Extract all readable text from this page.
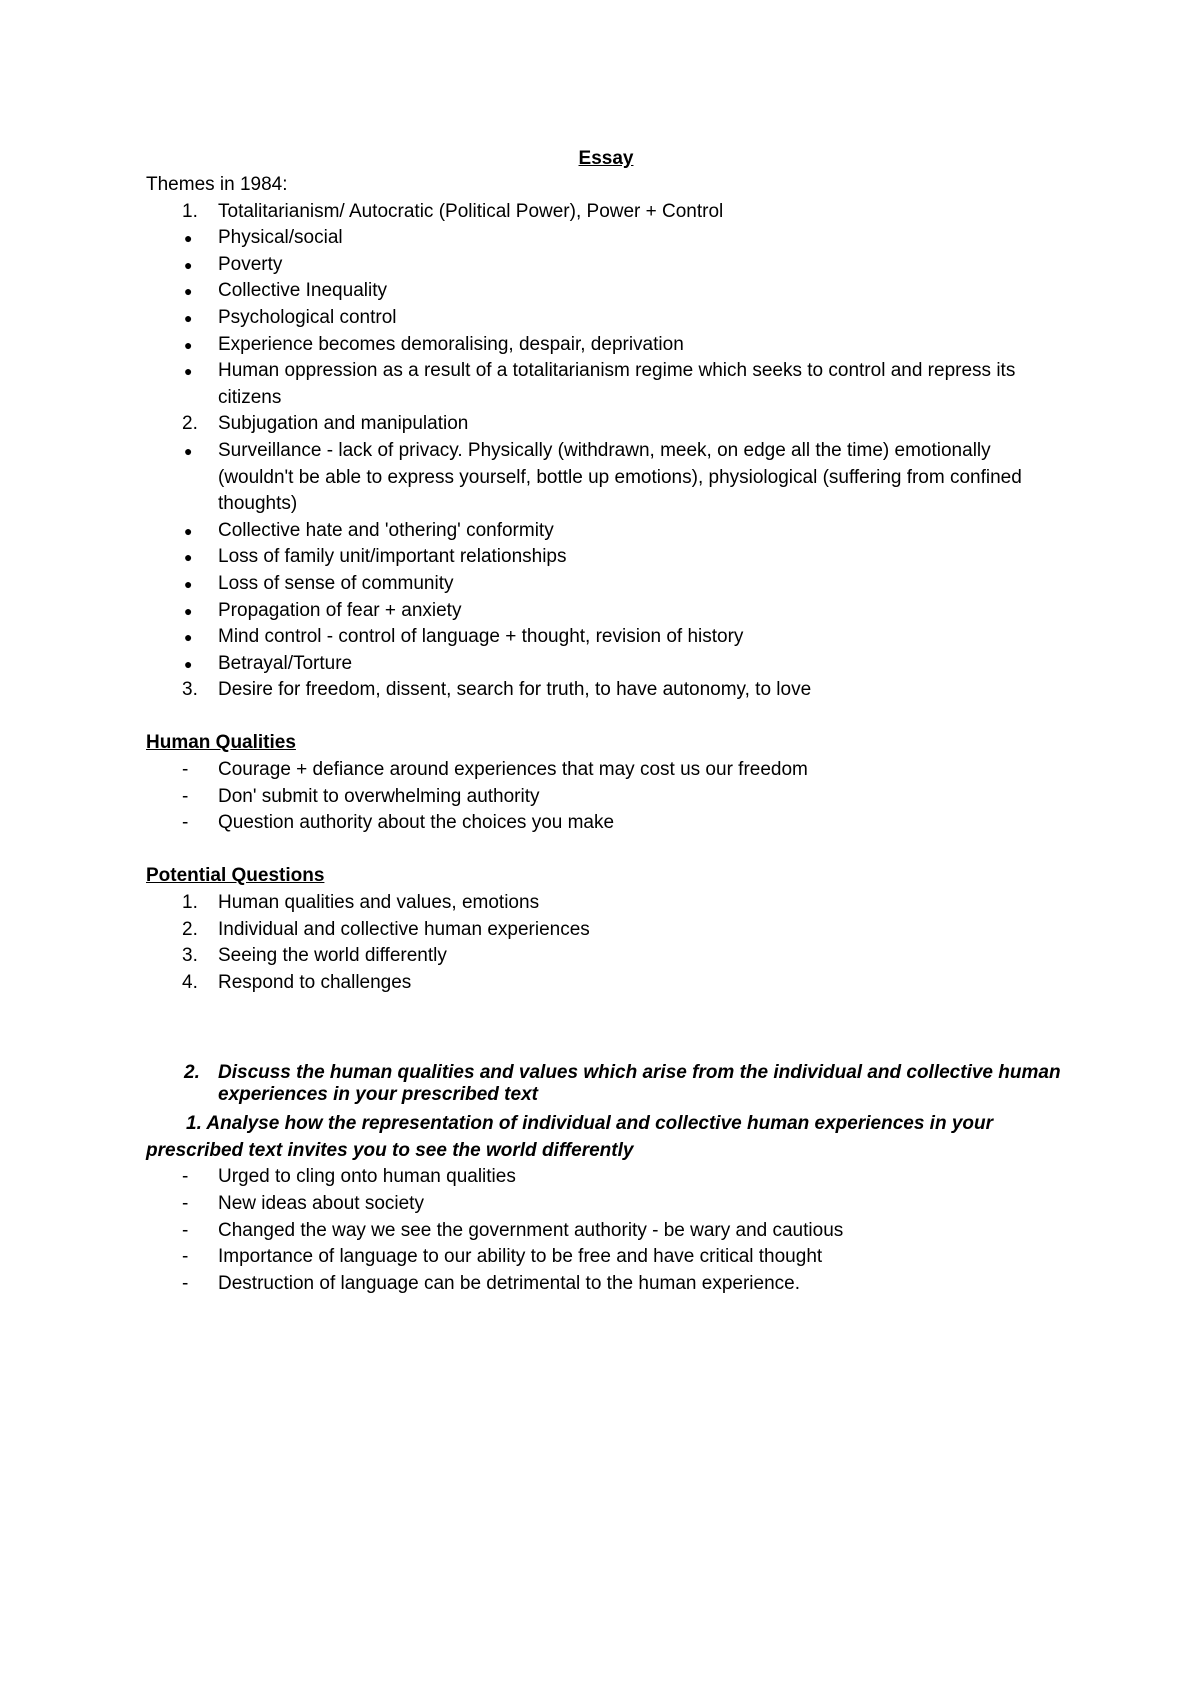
Essay
Themes in 1984:
1. Totalitarianism/ Autocratic (Political Power), Power + Control
● Physical/social
● Poverty
● Collective Inequality
● Psychological control
● Experience becomes demoralising, despair, deprivation
● Human oppression as a result of a totalitarianism regime which seeks to control and repress its citizens
2. Subjugation and manipulation
● Surveillance - lack of privacy. Physically (withdrawn, meek, on edge all the time) emotionally (wouldn't be able to express yourself, bottle up emotions), physiological (suffering from confined thoughts)
● Collective hate and 'othering' conformity
● Loss of family unit/important relationships
● Loss of sense of community
● Propagation of fear + anxiety
● Mind control - control of language + thought, revision of history
● Betrayal/Torture
3. Desire for freedom, dissent, search for truth, to have autonomy, to love
Human Qualities
- Courage + defiance around experiences that may cost us our freedom
- Don' submit to overwhelming authority
- Question authority about the choices you make
Potential Questions
1. Human qualities and values, emotions
2. Individual and collective human experiences
3. Seeing the world differently
4. Respond to challenges
2. Discuss the human qualities and values which arise from the individual and collective human experiences in your prescribed text
1. Analyse how the representation of individual and collective human experiences in your prescribed text invites you to see the world differently
- Urged to cling onto human qualities
- New ideas about society
- Changed the way we see the government authority - be wary and cautious
- Importance of language to our ability to be free and have critical thought
- Destruction of language can be detrimental to the human experience.
